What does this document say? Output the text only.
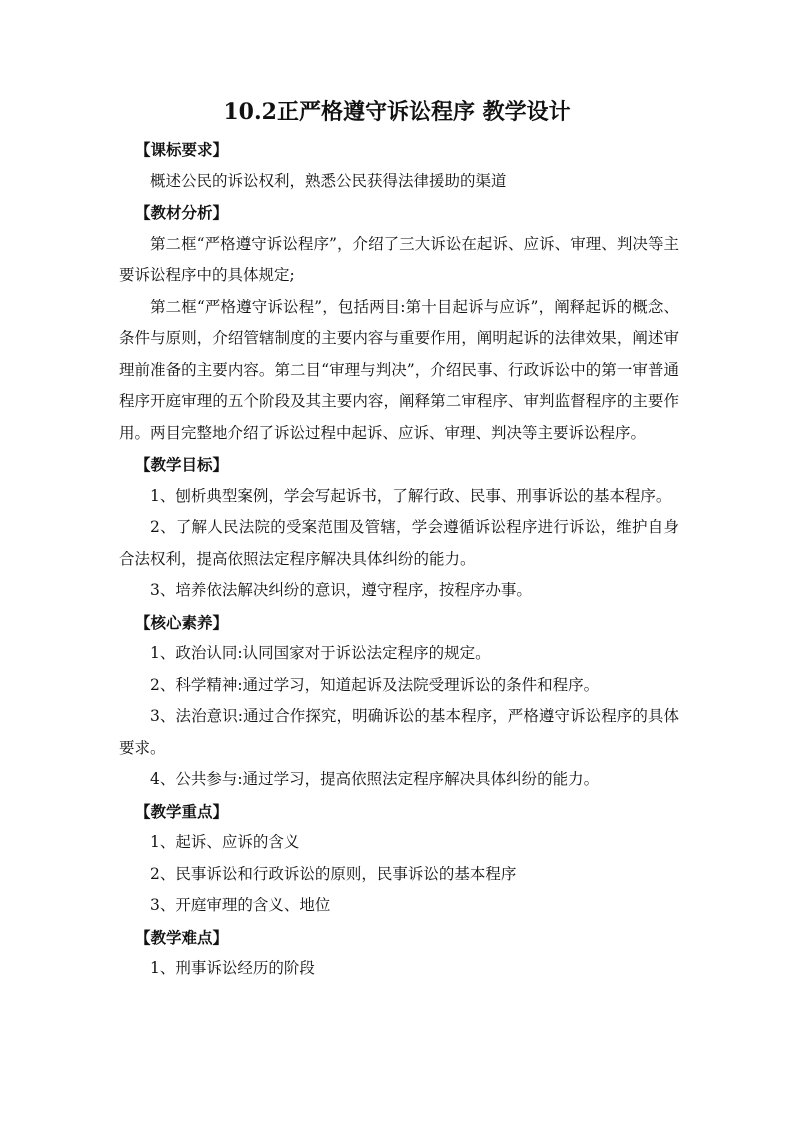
10.2正严格遵守诉讼程序 教学设计

【课标要求】

概述公民的诉讼权利，熟悉公民获得法律援助的渠道

【教材分析】

第二框“严格遵守诉讼程序”，介绍了三大诉讼在起诉、应诉、审理、判决等主要诉讼程序中的具体规定;

第二框“严格遵守诉讼程”，包括两目:第十目起诉与应诉”，阐释起诉的概念、条件与原则，介绍管辖制度的主要内容与重要作用，阐明起诉的法律效果，阐述审理前准备的主要内容。第二目“审理与判决”，介绍民事、行政诉讼中的第一审普通程序开庭审理的五个阶段及其主要内容，阐释第二审程序、审判监督程序的主要作用。两目完整地介绍了诉讼过程中起诉、应诉、审理、判决等主要诉讼程序。

【教学目标】

1、刨析典型案例，学会写起诉书，了解行政、民事、刑事诉讼的基本程序。

2、了解人民法院的受案范围及管辖，学会遵循诉讼程序进行诉讼，维护自身合法权利，提高依照法定程序解决具体纠纷的能力。

3、培养依法解决纠纷的意识，遵守程序，按程序办事。

【核心素养】

1、政治认同:认同国家对于诉讼法定程序的规定。

2、科学精神:通过学习，知道起诉及法院受理诉讼的条件和程序。

3、法治意识:通过合作探究，明确诉讼的基本程序，严格遵守诉讼程序的具体要求。

4、公共参与:通过学习，提高依照法定程序解决具体纠纷的能力。

【教学重点】

1、起诉、应诉的含义

2、民事诉讼和行政诉讼的原则，民事诉讼的基本程序

3、开庭审理的含义、地位

【教学难点】

1、刑事诉讼经历的阶段
